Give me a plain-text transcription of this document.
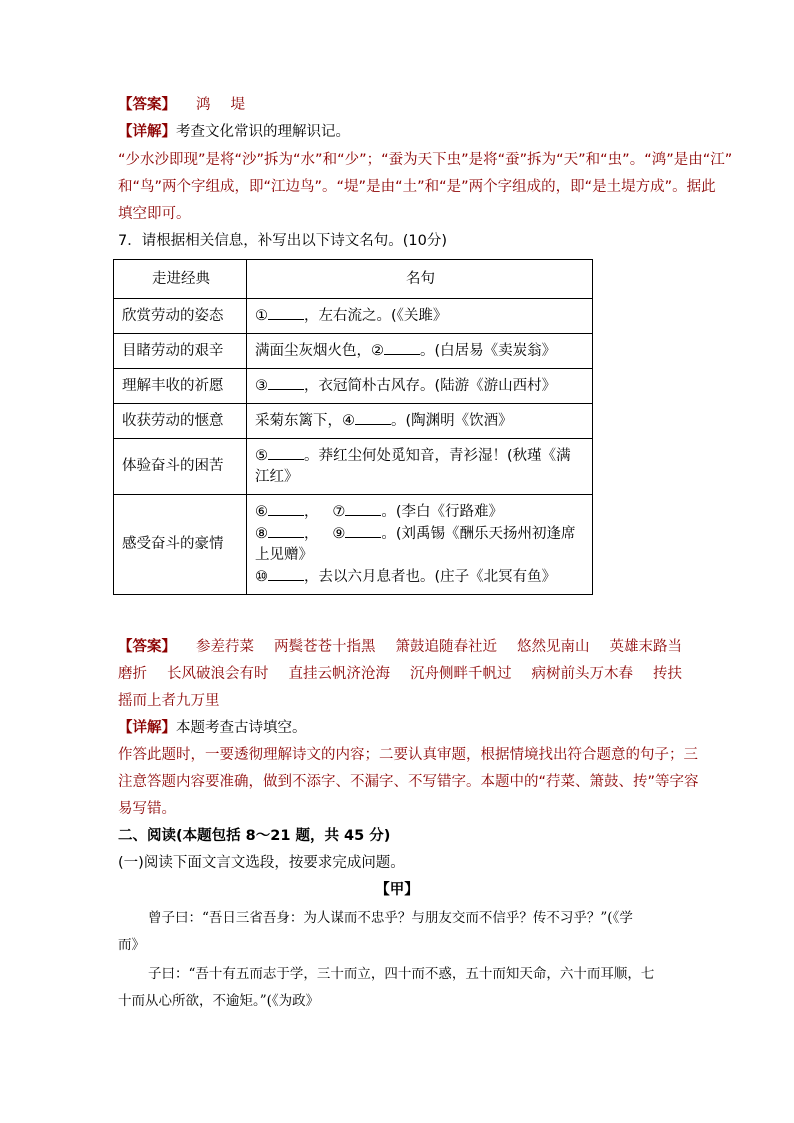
【答案】 鸿 堤
【详解】考查文化常识的理解识记。
“少水沙即现”是将“沙”拆为“水”和“少”；“蚕为天下虫”是将“蚕”拆为“天”和“虫”。“鸿”是由“江”
和“鸟”两个字组成，即“江边鸟”。“堤”是由“土”和“是”两个字组成的，即“是土堤方成”。据此
填空即可。
7．请根据相关信息，补写出以下诗文名句。(10分)
走进经典	名句
欣赏劳动的姿态	① ，左右流之。(《关雎》
目睹劳动的艰辛	满面尘灰烟火色，② 。(白居易《卖炭翁》
理解丰收的祈愿	③ ，衣冠简朴古风存。(陆游《游山西村》
收获劳动的惬意	采菊东篱下，④ 。(陶渊明《饮酒》
体验奋斗的困苦	⑤ 。莽红尘何处觅知音，青衫湿！(秋瑾《满
江红》

感受奋斗的豪情	⑥ ， ⑦ 。(李白《行路难》
⑧ ， ⑨ 。(刘禹锡《酬乐天扬州初逢席
上见赠》
⑩ ，去以六月息者也。(庄子《北冥有鱼》
【答案】 参差荇菜 两鬓苍苍十指黑 箫鼓追随春社近 悠然见南山 英雄末路当
磨折 长风破浪会有时 直挂云帆济沧海 沉舟侧畔千帆过 病树前头万木春 抟扶
摇而上者九万里
【详解】本题考查古诗填空。
作答此题时，一要透彻理解诗文的内容；二要认真审题，根据情境找出符合题意的句子；三
注意答题内容要准确，做到不添字、不漏字、不写错字。本题中的“荇菜、箫鼓、抟”等字容
易写错。
二、阅读(本题包括 8～21 题，共 45 分)
(一)阅读下面文言文选段，按要求完成问题。
【甲】
曾子曰：“吾日三省吾身：为人谋而不忠乎？与朋友交而不信乎？传不习乎？”(《学
而》
子曰：“吾十有五而志于学，三十而立，四十而不惑，五十而知天命，六十而耳顺，七
十而从心所欲，不逾矩。”(《为政》
